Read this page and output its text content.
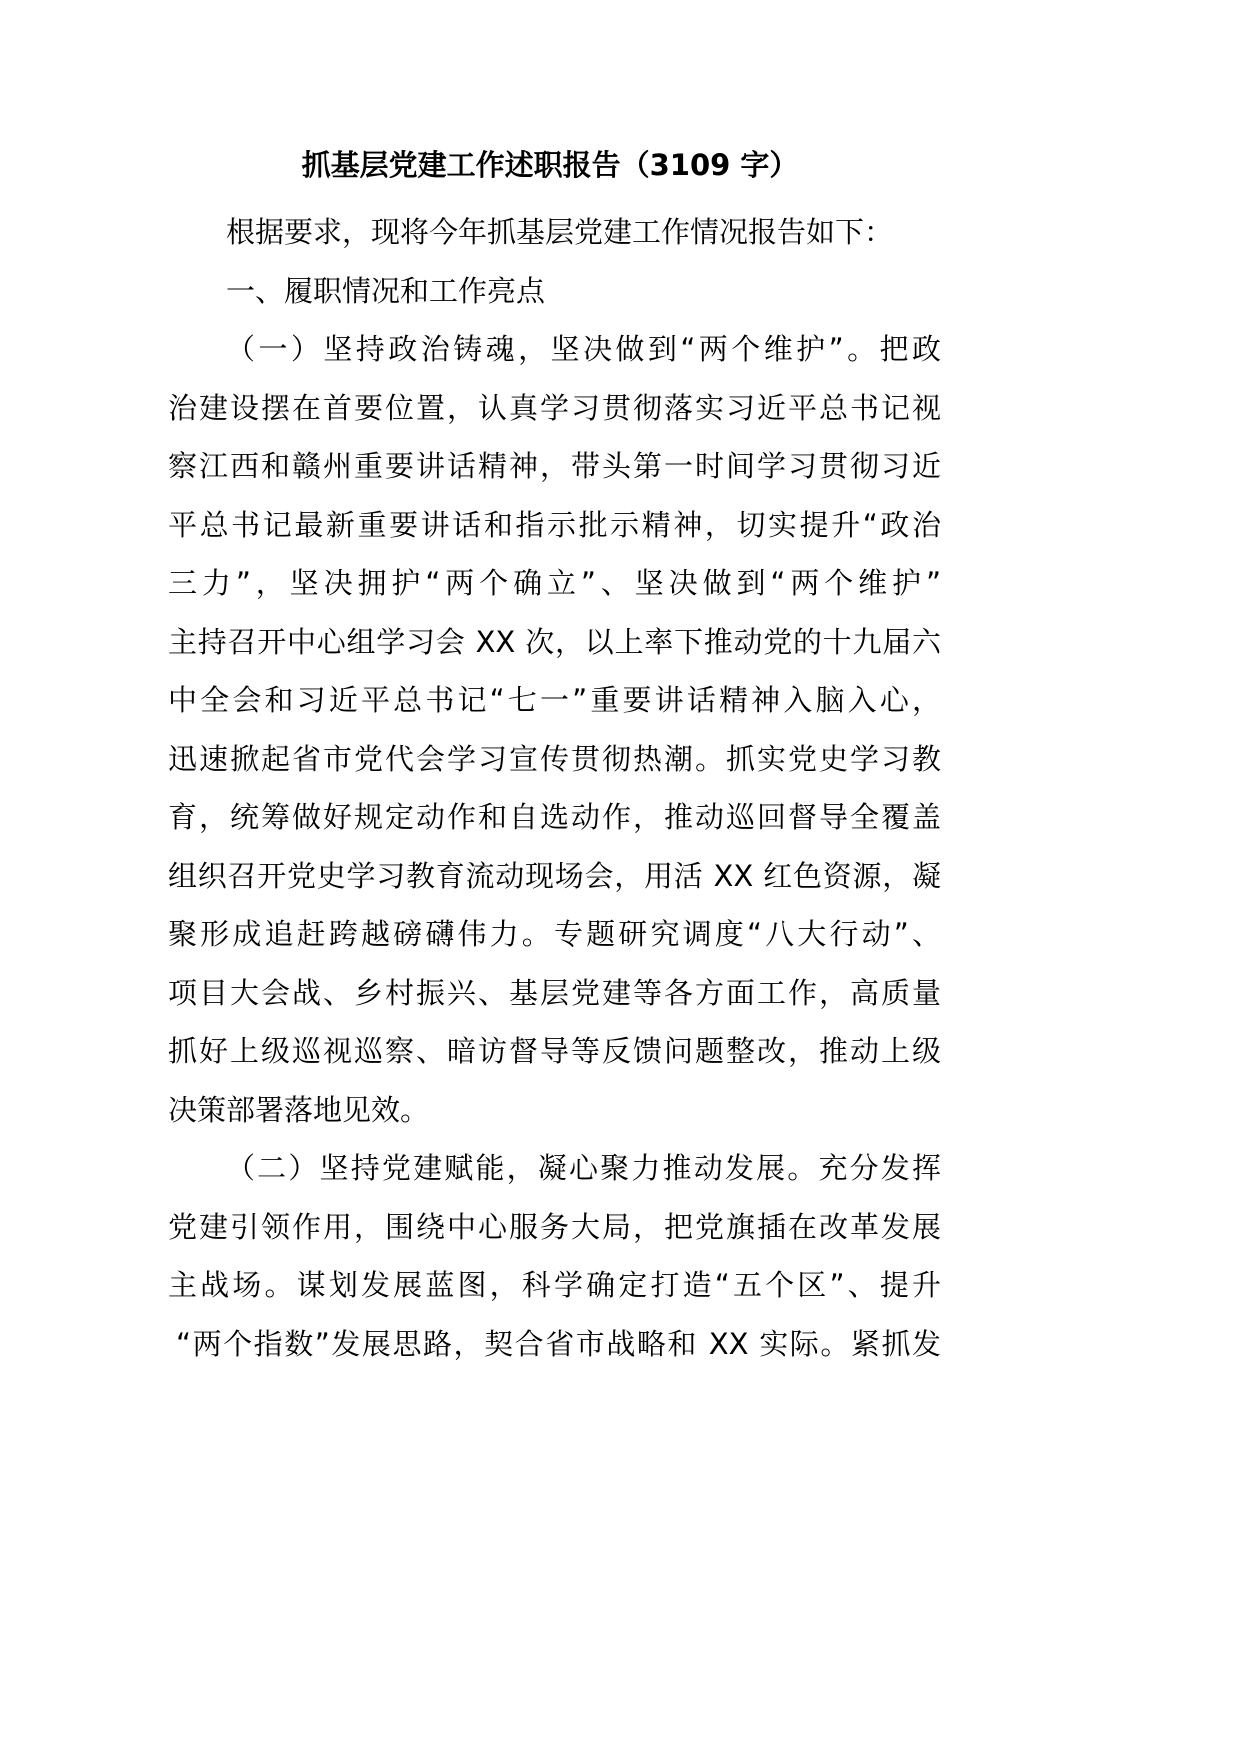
抓基层党建工作述职报告（3109 字）
根据要求，现将今年抓基层党建工作情况报告如下：
一、履职情况和工作亮点
（一）坚持政治铸魂，坚决做到“两个维护”。把政
治建设摆在首要位置，认真学习贯彻落实习近平总书记视
察江西和赣州重要讲话精神，带头第一时间学习贯彻习近
平总书记最新重要讲话和指示批示精神，切实提升“政治
三力”，坚决拥护“两个确立”、坚决做到“两个维护”
主持召开中心组学习会 XX 次，以上率下推动党的十九届六
中全会和习近平总书记“七一”重要讲话精神入脑入心，
迅速掀起省市党代会学习宣传贯彻热潮。抓实党史学习教
育，统筹做好规定动作和自选动作，推动巡回督导全覆盖
组织召开党史学习教育流动现场会，用活 XX 红色资源，凝
聚形成追赶跨越磅礴伟力。专题研究调度“八大行动”、
项目大会战、乡村振兴、基层党建等各方面工作，高质量
抓好上级巡视巡察、暗访督导等反馈问题整改，推动上级
决策部署落地见效。
（二）坚持党建赋能，凝心聚力推动发展。充分发挥
党建引领作用，围绕中心服务大局，把党旗插在改革发展
主战场。谋划发展蓝图，科学确定打造“五个区”、提升
“两个指数”发展思路，契合省市战略和 XX 实际。紧抓发
